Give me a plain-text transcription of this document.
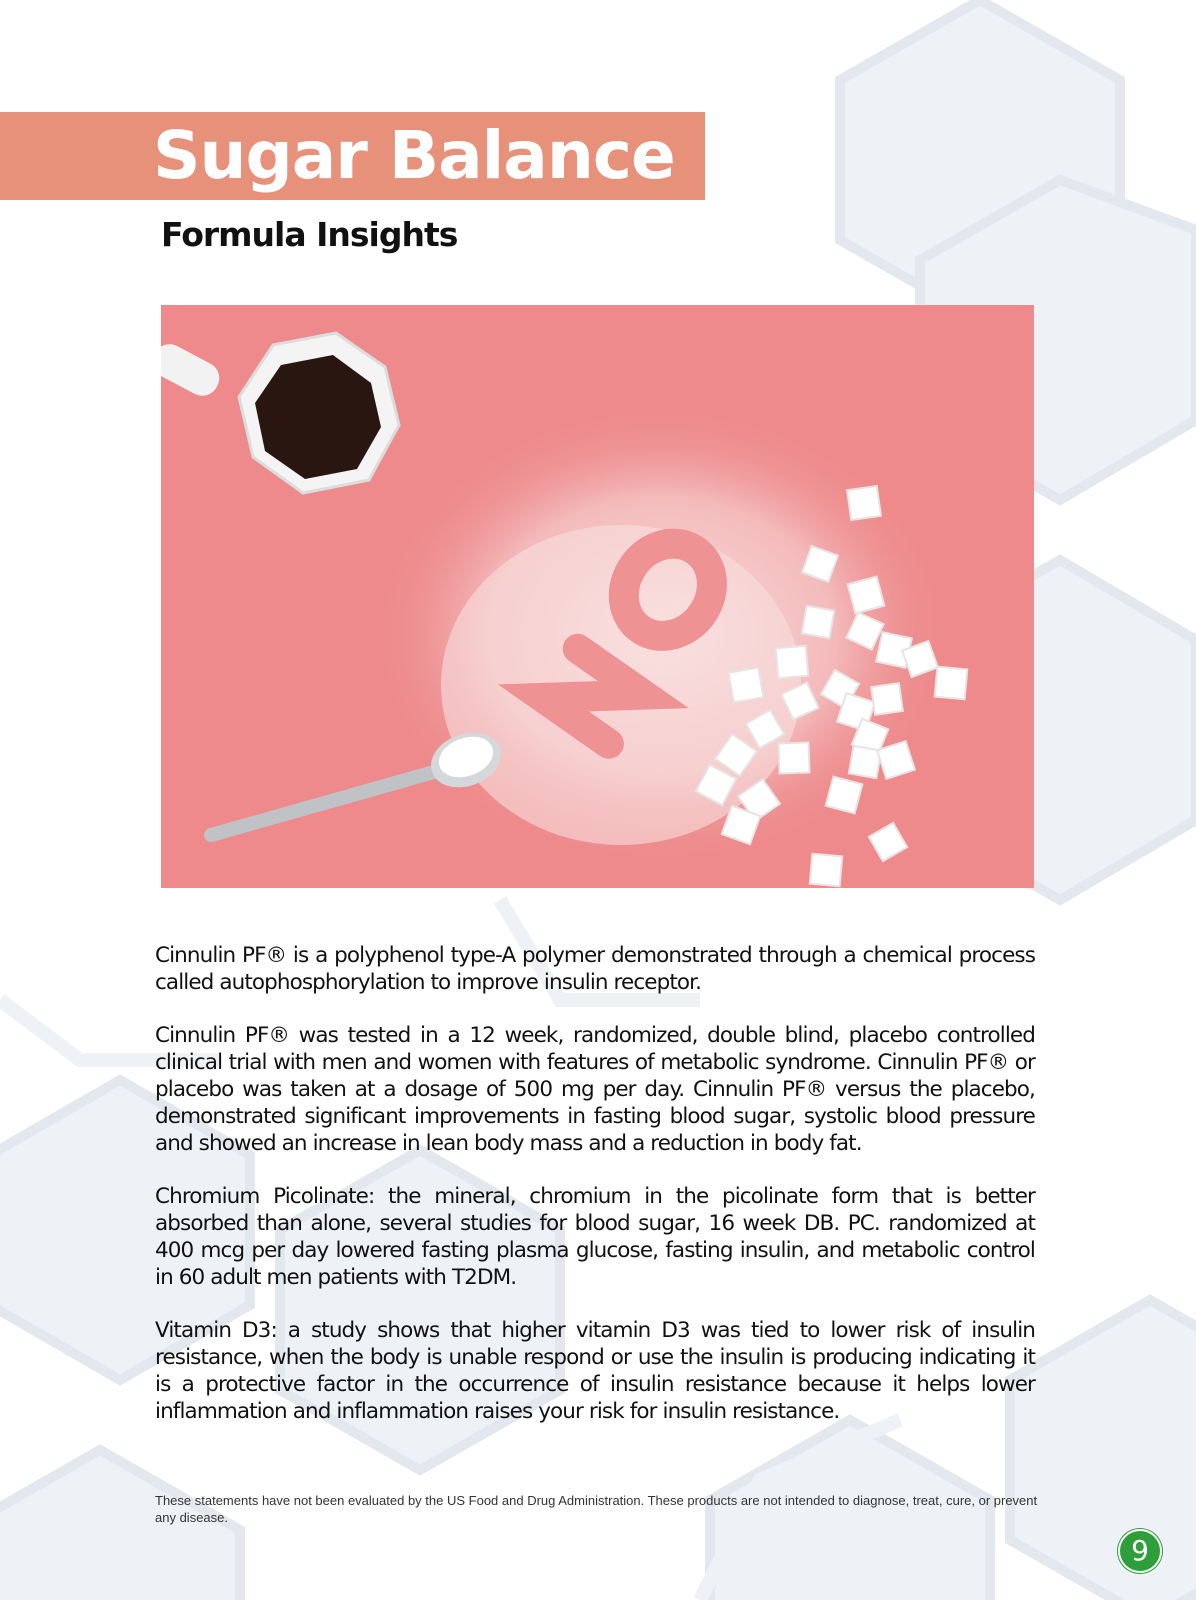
Sugar Balance
Formula Insights

Cinnulin PF® is a polyphenol type-A polymer demonstrated through a chemical process called autophosphorylation to improve insulin receptor.

Cinnulin PF® was tested in a 12 week, randomized, double blind, placebo controlled clinical trial with men and women with features of metabolic syndrome. Cinnulin PF® or placebo was taken at a dosage of 500 mg per day. Cinnulin PF® versus the placebo, demonstrated significant improvements in fasting blood sugar, systolic blood pressure and showed an increase in lean body mass and a reduction in body fat.

Chromium Picolinate: the mineral, chromium in the picolinate form that is better absorbed than alone, several studies for blood sugar, 16 week DB. PC. randomized at 400 mcg per day lowered fasting plasma glucose, fasting insulin, and metabolic control in 60 adult men patients with T2DM.

Vitamin D3: a study shows that higher vitamin D3 was tied to lower risk of insulin resistance, when the body is unable respond or use the insulin is producing indicating it is a protective factor in the occurrence of insulin resistance because it helps lower inflammation and inflammation raises your risk for insulin resistance.

These statements have not been evaluated by the US Food and Drug Administration. These products are not intended to diagnose, treat, cure, or prevent any disease.

9
